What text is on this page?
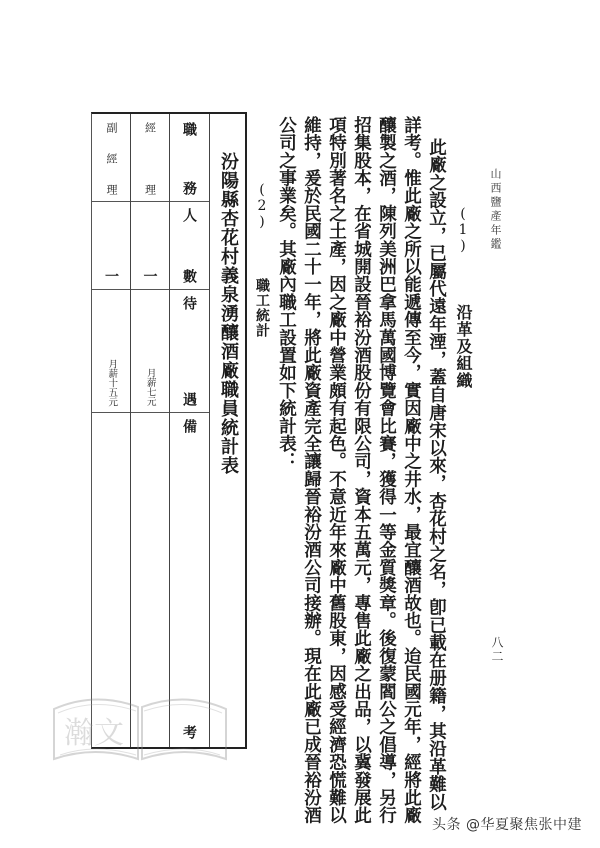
山西鹽產年鑑
八二
(1)  沿革及組織
此廠之設立，已屬代遠年湮，蓋自唐宋以來，杏花村之名，卽已載在册籍，其沿革難以
詳考。惟此廠之所以能遞傳至今，實因廠中之井水，最宜釀酒故也。迨民國元年，經將此廠
釀製之酒，陳列美洲巴拿馬萬國博覽會比賽，獲得一等金質獎章。後復蒙閻公之倡導，另行
招集股本，在省城開設晉裕汾酒股份有限公司，資本五萬元，專售此廠之出品，以冀發展此
項特別著名之土產，因之廠中營業頗有起色。不意近年來廠中舊股東，因感受經濟恐慌難以
維持，爰於民國二十一年，將此廠資產完全讓歸晉裕汾酒公司接辦。現在此廠已成晉裕汾酒
公司之事業矣。其廠內職工設置如下統計表：
(2)  職工統計
汾陽縣杏花村義泉湧釀酒廠職員統計表
職
務
人
數
待
遇
備
考
經
理
一
月薪七元
副
經
理
一
月薪十五元
瀚文
头条 @华夏聚焦张中建
